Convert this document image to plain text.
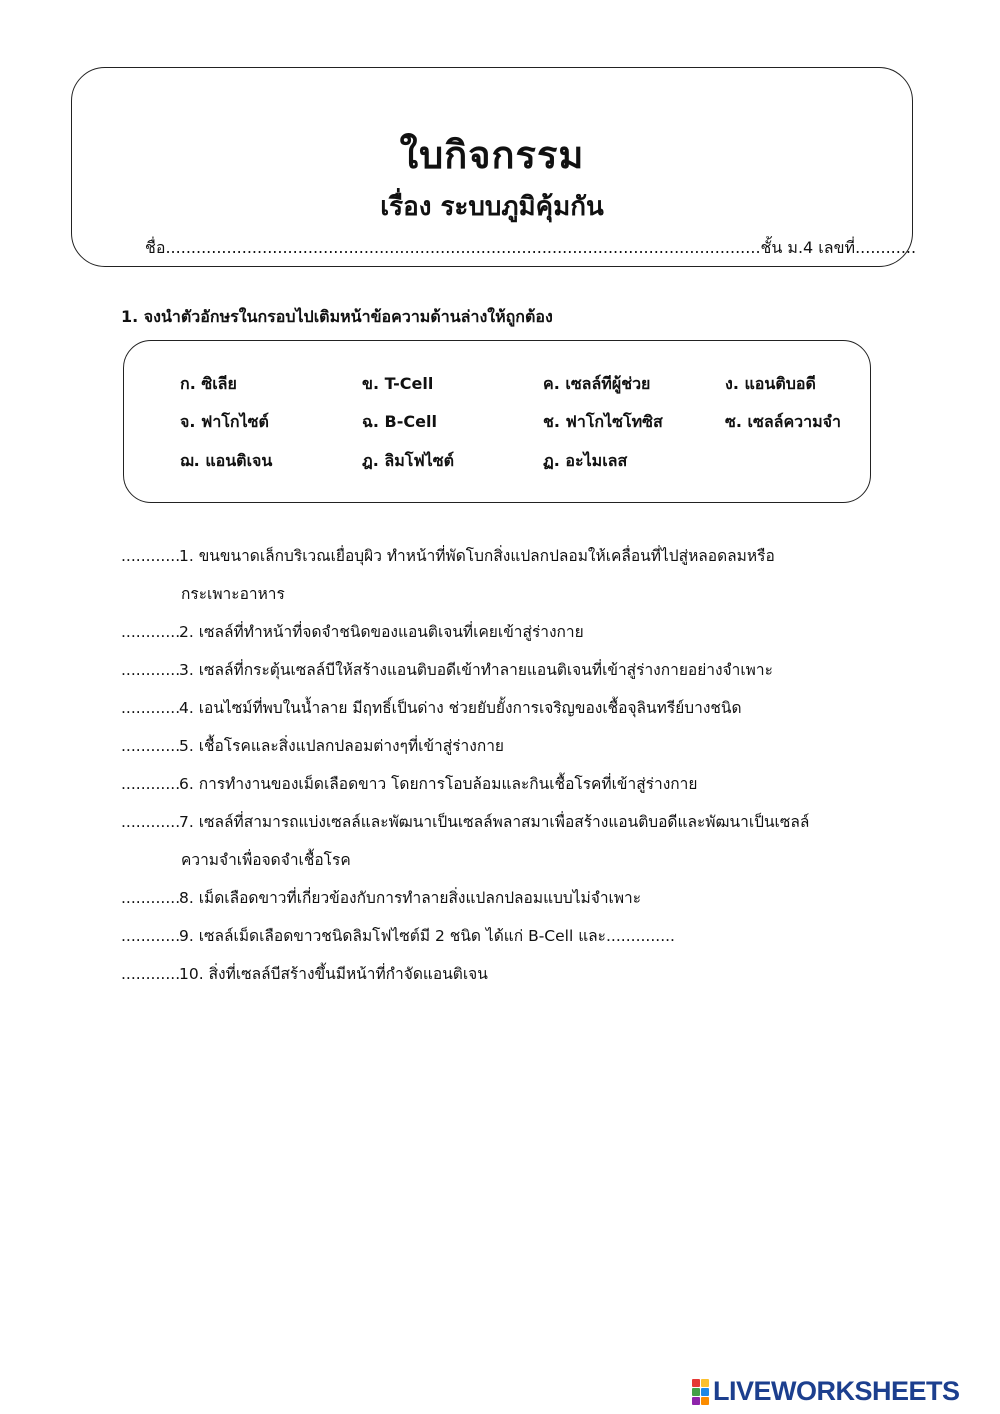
ใบกิจกรรม
เรื่อง ระบบภูมิคุ้มกัน
ชื่อ.....................................................................................................................ชั้น ม.4 เลขที่............
1. จงนำตัวอักษรในกรอบไปเติมหน้าข้อความด้านล่างให้ถูกต้อง
ก. ซิเลีย	ข. T-Cell	ค. เซลล์ทีผู้ช่วย	ง. แอนติบอดี
จ. ฟาโกไซต์	ฉ. B-Cell	ช. ฟาโกไซโทซิส	ซ. เซลล์ความจำ
ฌ. แอนติเจน	ฎ. ลิมโฟไซต์	ฏ. อะไมเลส
............1. ขนขนาดเล็กบริเวณเยื่อบุผิว ทำหน้าที่พัดโบกสิ่งแปลกปลอมให้เคลื่อนที่ไปสู่หลอดลมหรือ
กระเพาะอาหาร
............2. เซลล์ที่ทำหน้าที่จดจำชนิดของแอนติเจนที่เคยเข้าสู่ร่างกาย
............3. เซลล์ที่กระตุ้นเซลล์บีให้สร้างแอนติบอดีเข้าทำลายแอนติเจนที่เข้าสู่ร่างกายอย่างจำเพาะ
............4. เอนไซม์ที่พบในน้ำลาย มีฤทธิ์เป็นด่าง ช่วยยับยั้งการเจริญของเชื้อจุลินทรีย์บางชนิด
............5. เชื้อโรคและสิ่งแปลกปลอมต่างๆที่เข้าสู่ร่างกาย
............6. การทำงานของเม็ดเลือดขาว โดยการโอบล้อมและกินเชื้อโรคที่เข้าสู่ร่างกาย
............7. เซลล์ที่สามารถแบ่งเซลล์และพัฒนาเป็นเซลล์พลาสมาเพื่อสร้างแอนติบอดีและพัฒนาเป็นเซลล์
ความจำเพื่อจดจำเชื้อโรค
............8. เม็ดเลือดขาวที่เกี่ยวข้องกับการทำลายสิ่งแปลกปลอมแบบไม่จำเพาะ
............9. เซลล์เม็ดเลือดขาวชนิดลิมโฟไซต์มี 2 ชนิด ได้แก่ B-Cell และ..............
............10. สิ่งที่เซลล์บีสร้างขึ้นมีหน้าที่กำจัดแอนติเจน
LIVEWORKSHEETS
